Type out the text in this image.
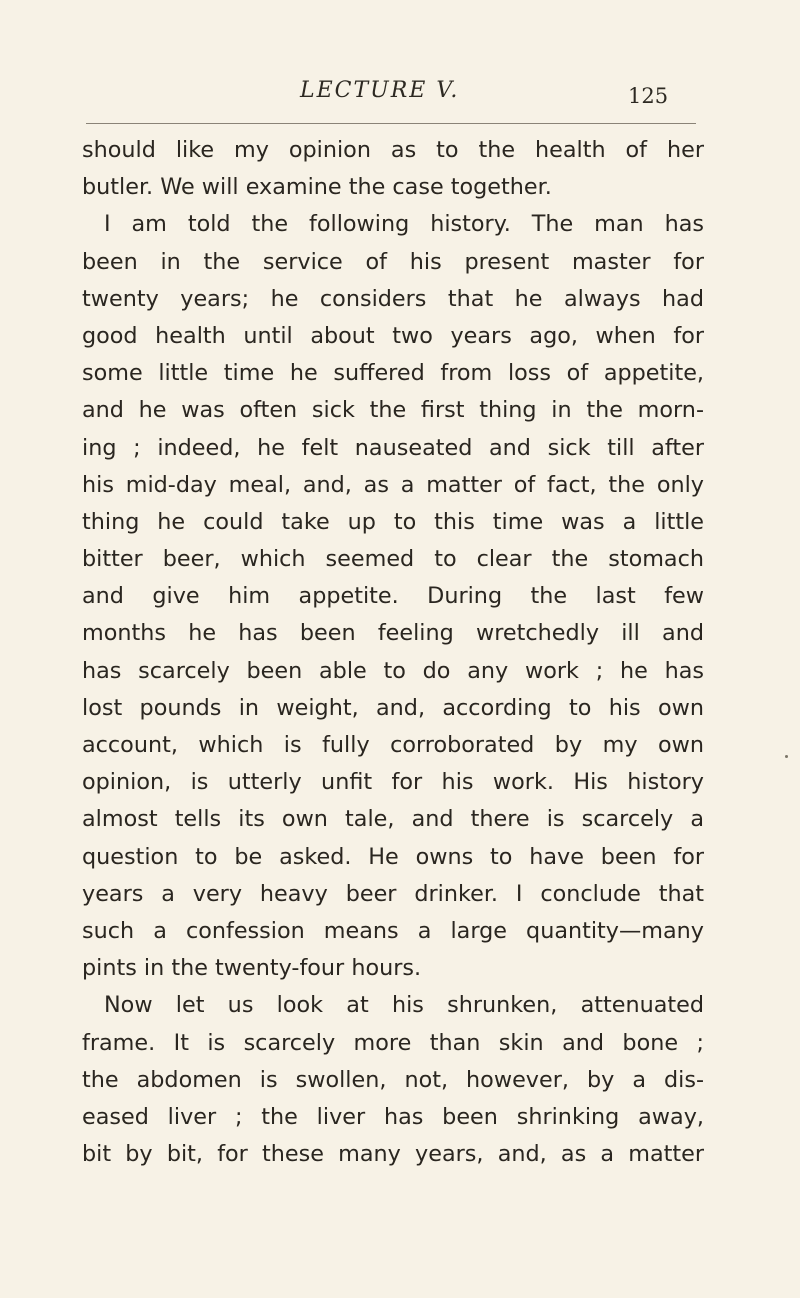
LECTURE V.	125
should like my opinion as to the health of her
butler. We will examine the case together.
I am told the following history. The man has
been in the service of his present master for
twenty years; he considers that he always had
good health until about two years ago, when for
some little time he suffered from loss of appetite,
and he was often sick the first thing in the morn-
ing ; indeed, he felt nauseated and sick till after
his mid-day meal, and, as a matter of fact, the only
thing he could take up to this time was a little
bitter beer, which seemed to clear the stomach
and give him appetite. During the last few
months he has been feeling wretchedly ill and
has scarcely been able to do any work ; he has
lost pounds in weight, and, according to his own
account, which is fully corroborated by my own
opinion, is utterly unfit for his work. His history
almost tells its own tale, and there is scarcely a
question to be asked. He owns to have been for
years a very heavy beer drinker. I conclude that
such a confession means a large quantity—many
pints in the twenty-four hours.
Now let us look at his shrunken, attenuated
frame. It is scarcely more than skin and bone ;
the abdomen is swollen, not, however, by a dis-
eased liver ; the liver has been shrinking away,
bit by bit, for these many years, and, as a matter
